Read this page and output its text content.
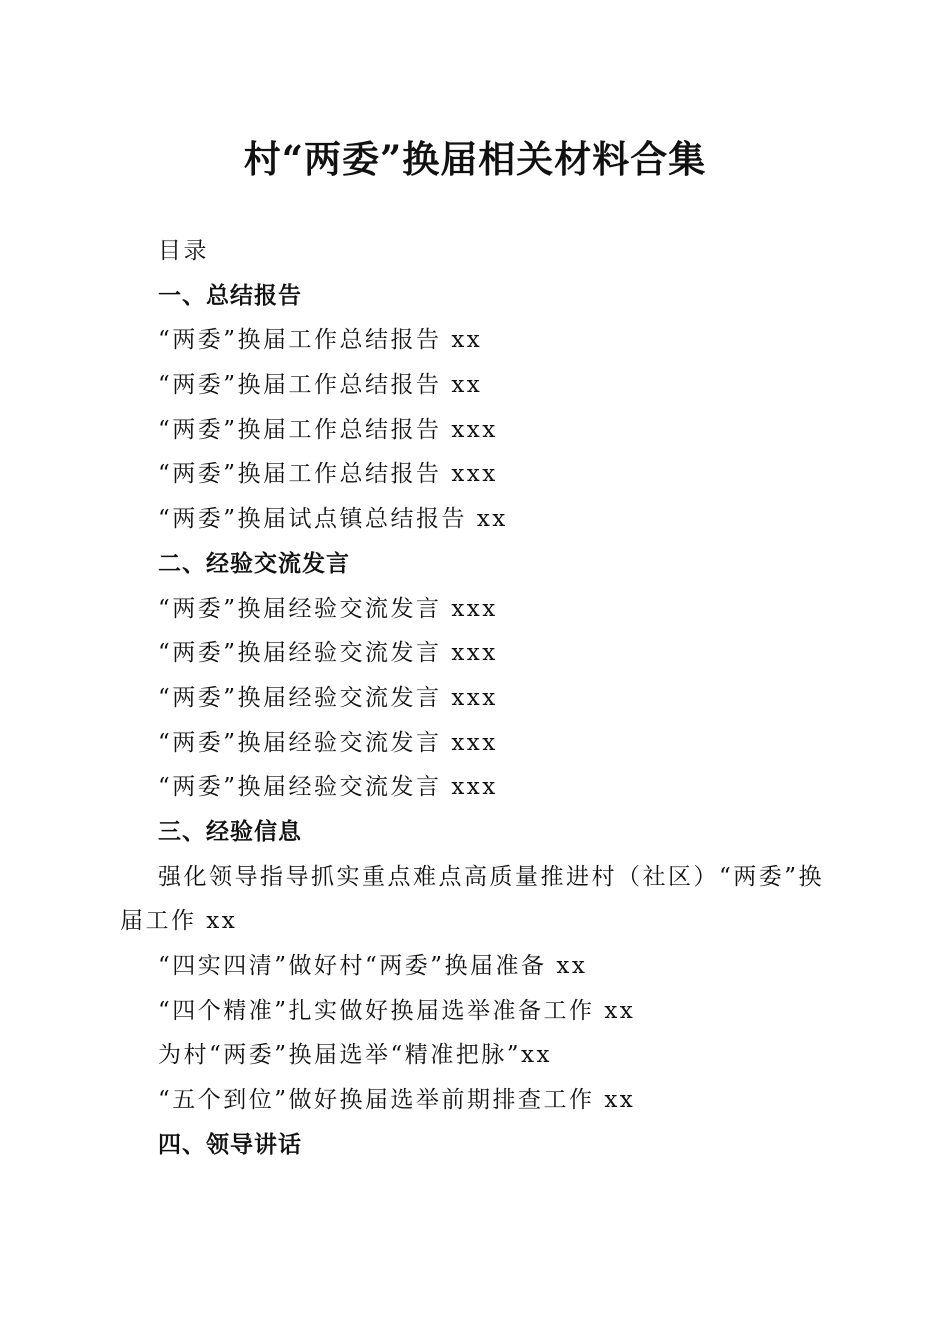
村“两委”换届相关材料合集
目录
一、总结报告
“两委”换届工作总结报告 xx
“两委”换届工作总结报告 xx
“两委”换届工作总结报告 xxx
“两委”换届工作总结报告 xxx
“两委”换届试点镇总结报告 xx
二、经验交流发言
“两委”换届经验交流发言 xxx
“两委”换届经验交流发言 xxx
“两委”换届经验交流发言 xxx
“两委”换届经验交流发言 xxx
“两委”换届经验交流发言 xxx
三、经验信息
强化领导指导抓实重点难点高质量推进村（社区）“两委”换届工作 xx
“四实四清”做好村“两委”换届准备 xx
“四个精准”扎实做好换届选举准备工作 xx
为村“两委”换届选举“精准把脉”xx
“五个到位”做好换届选举前期排查工作 xx
四、领导讲话
